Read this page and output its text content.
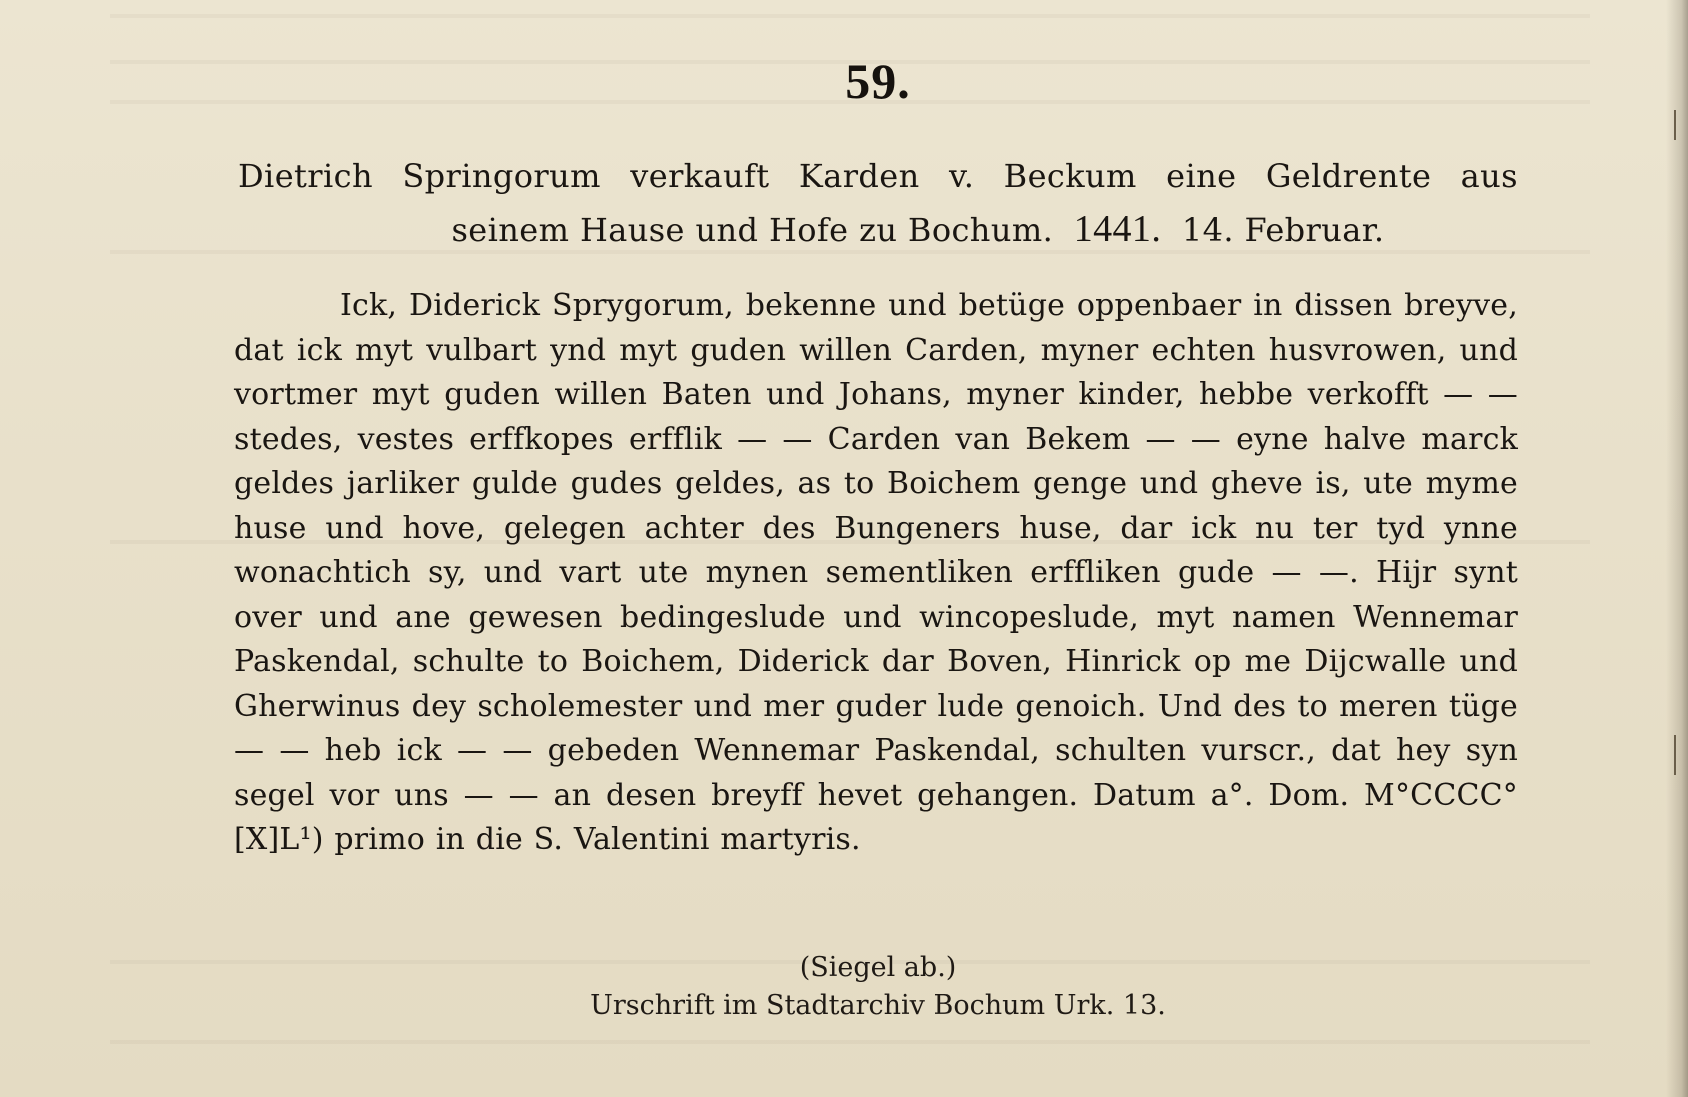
59.
Dietrich Springorum verkauft Karden v. Beckum eine Geldrente aus
seinem Hause und Hofe zu Bochum. 1441. 14. Februar.
Ick, Diderick Sprygorum, bekenne und betüge oppenbaer in dissen breyve, dat ick myt vulbart ynd myt guden willen Carden, myner echten husvrowen, und vortmer myt guden willen Baten und Johans, myner kinder, hebbe verkofft — — stedes, vestes erffkopes erfflik — — Carden van Bekem — — eyne halve marck geldes jarliker gulde gudes geldes, as to Boichem genge und gheve is, ute myme huse und hove, gelegen achter des Bungeners huse, dar ick nu ter tyd ynne wonachtich sy, und vart ute mynen sementliken erffliken gude — —. Hijr synt over und ane gewesen bedingeslude und wincopeslude, myt namen Wennemar Paskendal, schulte to Boichem, Diderick dar Boven, Hinrick op me Dijcwalle und Gherwinus dey scholemester und mer guder lude genoich. Und des to meren tüge — — heb ick — — gebeden Wennemar Paskendal, schulten vurscr., dat hey syn segel vor uns — — an desen breyff hevet gehangen. Datum a°. Dom. M°CCCC°[X]L¹) primo in die S. Valentini martyris.
(Siegel ab.)
Urschrift im Stadtarchiv Bochum Urk. 13.
